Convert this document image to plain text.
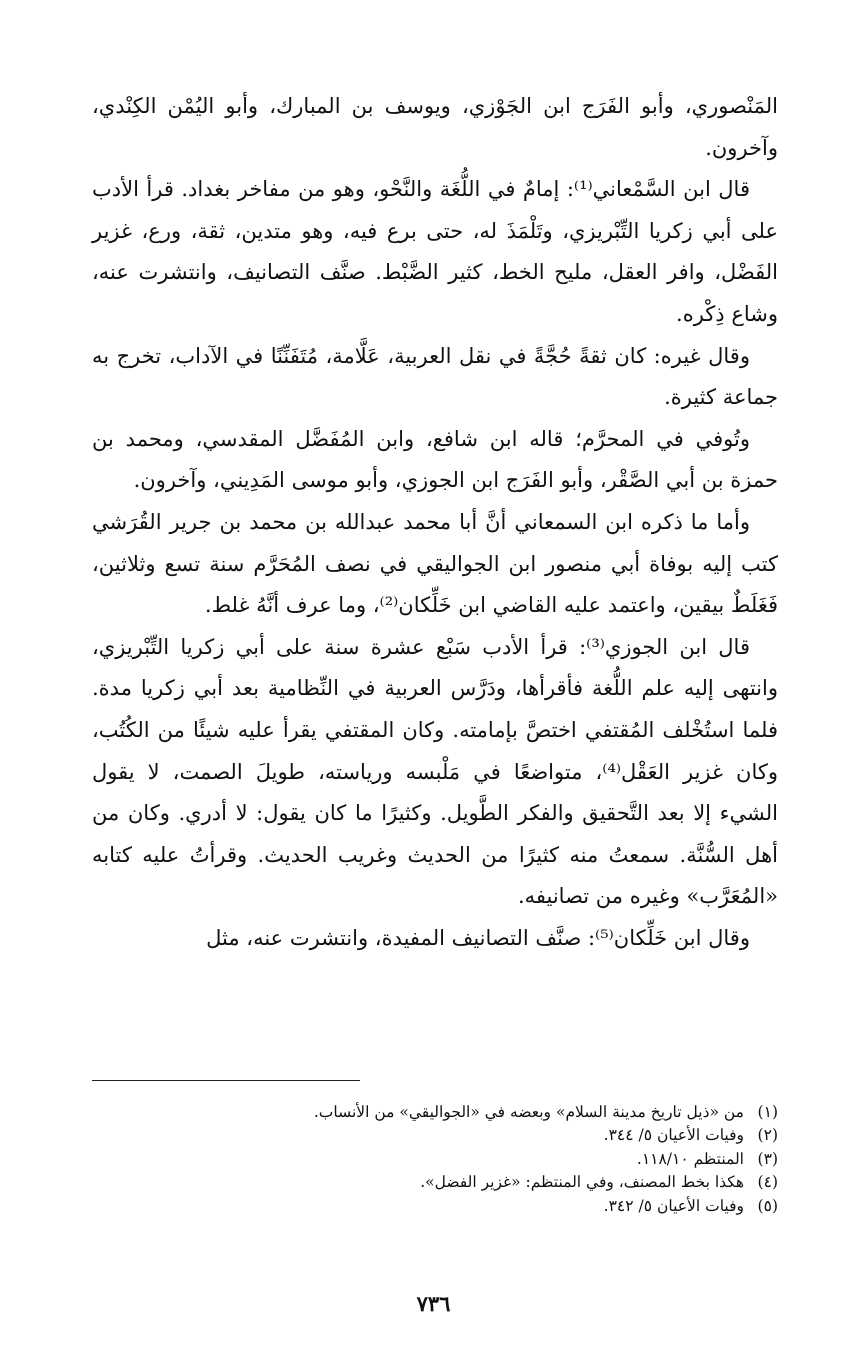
المَنْصوري، وأبو الفَرَج ابن الجَوْزي، ويوسف بن المبارك، وأبو اليُمْن الكِنْدي، وآخرون.

قال ابن السَّمْعاني⁽¹⁾: إمامٌ في اللُّغَة والنَّحْو، وهو من مفاخر بغداد. قرأ الأدب على أبي زكريا التِّبْريزي، وتَلْمَذَ له، حتى برع فيه، وهو متدين، ثقة، ورع، غزير الفَضْل، وافر العقل، مليح الخط، كثير الضَّبْط. صنَّف التصانيف، وانتشرت عنه، وشاع ذِكْره.

وقال غيره: كان ثقةً حُجَّةً في نقل العربية، عَلَّامة، مُتَفَنِّنًا في الآداب، تخرج به جماعة كثيرة.

وتُوفي في المحرَّم؛ قاله ابن شافع، وابن المُفَضَّل المقدسي، ومحمد بن حمزة بن أبي الصَّقْر، وأبو الفَرَج ابن الجوزي، وأبو موسى المَدِيني، وآخرون.

وأما ما ذكره ابن السمعاني أنَّ أبا محمد عبدالله بن محمد بن جرير القُرَشي كتب إليه بوفاة أبي منصور ابن الجواليقي في نصف المُحَرَّم سنة تسع وثلاثين، فَغَلَطٌ بيقين، واعتمد عليه القاضي ابن خَلِّكان⁽²⁾، وما عرف أنَّهُ غلط.

قال ابن الجوزي⁽³⁾: قرأ الأدب سَبْع عشرة سنة على أبي زكريا التِّبْريزي، وانتهى إليه علم اللُّغة فأقرأها، ودَرَّس العربية في النِّظامية بعد أبي زكريا مدة. فلما استُخْلف المُقتفي اختصَّ بإمامته. وكان المقتفي يقرأ عليه شيئًا من الكُتُب، وكان غزير العَقْل⁽⁴⁾، متواضعًا في مَلْبسه ورياسته، طويلَ الصمت، لا يقول الشيء إلا بعد التَّحقيق والفكر الطَّويل. وكثيرًا ما كان يقول: لا أدري. وكان من أهل السُّنَّة. سمعتُ منه كثيرًا من الحديث وغريب الحديث. وقرأتُ عليه كتابه «المُعَرَّب» وغيره من تصانيفه.

وقال ابن خَلِّكان⁽⁵⁾: صنَّف التصانيف المفيدة، وانتشرت عنه، مثل

(١)
من «ذيل تاريخ مدينة السلام» وبعضه في «الجواليقي» من الأنساب.
(٢)
وفيات الأعيان ٥/ ٣٤٤.
(٣)
المنتظم ١١٨/١٠.
(٤)
هكذا بخط المصنف، وفي المنتظم: «غزير الفضل».
(٥)
وفيات الأعيان ٥/ ٣٤٢.
٧٣٦
